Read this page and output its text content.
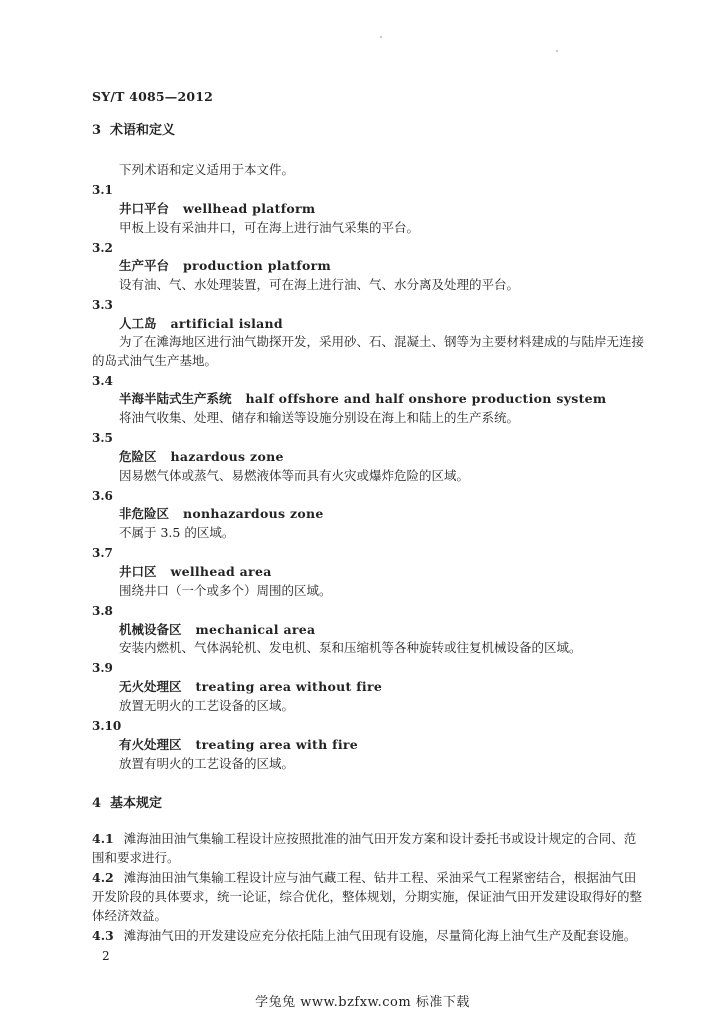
SY/T 4085—2012
3 术语和定义
下列术语和定义适用于本文件。
3.1
井口平台 wellhead platform
甲板上设有采油井口，可在海上进行油气采集的平台。
3.2
生产平台 production platform
设有油、气、水处理装置，可在海上进行油、气、水分离及处理的平台。
3.3
人工岛 artificial island
为了在滩海地区进行油气勘探开发，采用砂、石、混凝土、钢等为主要材料建成的与陆岸无连接
的岛式油气生产基地。
3.4
半海半陆式生产系统 half offshore and half onshore production system
将油气收集、处理、储存和输送等设施分别设在海上和陆上的生产系统。
3.5
危险区 hazardous zone
因易燃气体或蒸气、易燃液体等而具有火灾或爆炸危险的区域。
3.6
非危险区 nonhazardous zone
不属于 3.5 的区域。
3.7
井口区 wellhead area
围绕井口（一个或多个）周围的区域。
3.8
机械设备区 mechanical area
安装内燃机、气体涡轮机、发电机、泵和压缩机等各种旋转或往复机械设备的区域。
3.9
无火处理区 treating area without fire
放置无明火的工艺设备的区域。
3.10
有火处理区 treating area with fire
放置有明火的工艺设备的区域。
4 基本规定
4.1 滩海油田油气集输工程设计应按照批准的油气田开发方案和设计委托书或设计规定的合同、范
围和要求进行。
4.2 滩海油田油气集输工程设计应与油气藏工程、钻井工程、采油采气工程紧密结合，根据油气田
开发阶段的具体要求，统一论证，综合优化，整体规划，分期实施，保证油气田开发建设取得好的整
体经济效益。
4.3 滩海油气田的开发建设应充分依托陆上油气田现有设施，尽量简化海上油气生产及配套设施。
2
学兔兔 www.bzfxw.com 标准下载
